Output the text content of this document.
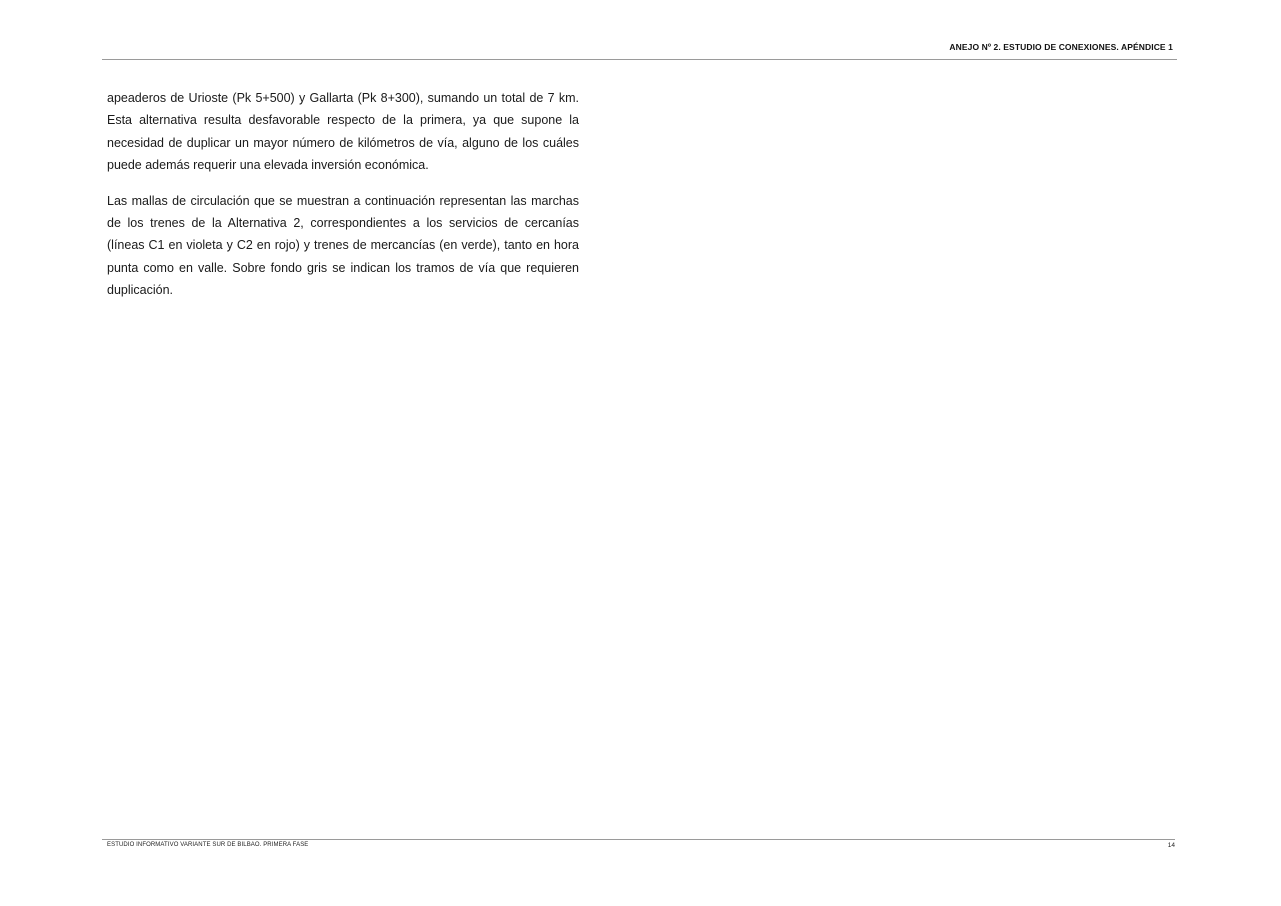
ANEJO Nº 2. ESTUDIO DE CONEXIONES. APÉNDICE 1

apeaderos de Urioste (Pk 5+500) y Gallarta (Pk 8+300), sumando un total de 7 km. Esta alternativa resulta desfavorable respecto de la primera, ya que supone la necesidad de duplicar un mayor número de kilómetros de vía, alguno de los cuáles puede además requerir una elevada inversión económica.

Las mallas de circulación que se muestran a continuación representan las marchas de los trenes de la Alternativa 2, correspondientes a los servicios de cercanías (líneas C1 en violeta y C2 en rojo) y trenes de mercancías (en verde), tanto en hora punta como en valle. Sobre fondo gris se indican los tramos de vía que requieren duplicación.

ESTUDIO INFORMATIVO VARIANTE SUR DE BILBAO. PRIMERA FASE	14
